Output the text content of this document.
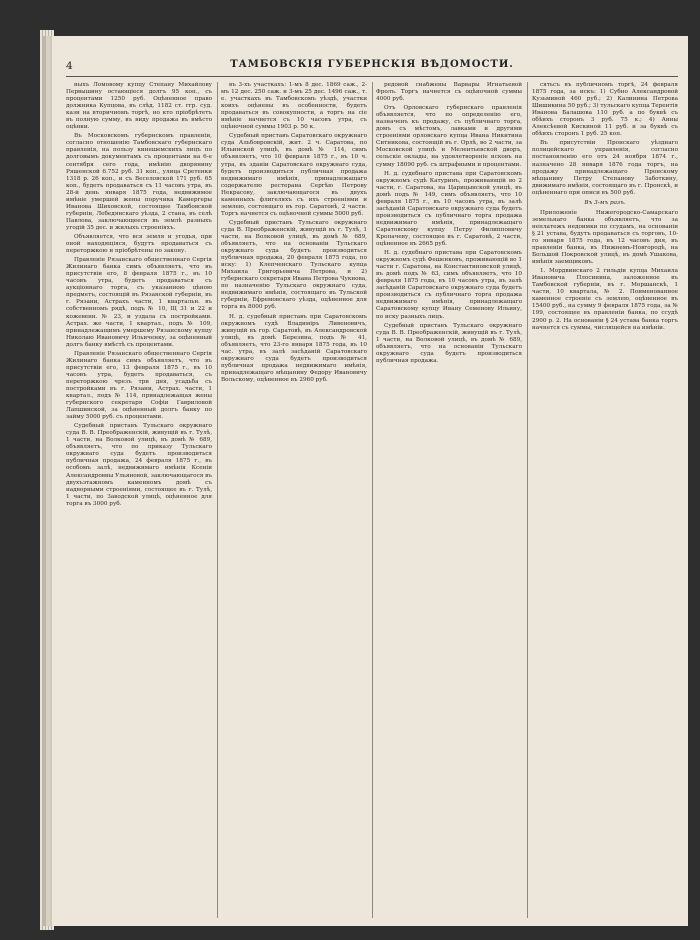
4	ТАМБОВСКІЯ ГУБЕРНСКІЯ ВѢДОМОСТИ.

ныхъ Ломовому купцу Степану Михайлову Первышину остающіеся долгъ 95 коп., съ процентами 1250 руб. Оцѣненное право должника Купцова, въ слѣд. 1182 ст. ггр. суд. казн на вторичномъ торгѣ, но кто пріобрѣтетъ въ полную сумму, въ виду продажа въ вмѣсто оцѣнки.

Въ Московскомъ губернскомъ правленіи, согласно отношенію Тамбовскаго губернскаго правленія, на пользу кинешемскихъ лицъ по долговымъ документамъ съ процентами на 6-е сентября сего года, имѣнію дворянину Ряшенской 6.752 руб. 31 коп., улица Сретенки 1318 р. 26 коп., и съ Веселовской 171 руб. 65 коп., будетъ продаваться съ 11 часовъ утра, въ 28-й день января 1875 года, недвижимое имѣніе умершей жены поручика Камергеры Иванова Шиховской, состоящее Тамбовской губерніи, Лебедянскаго уѣзда, 2 стана, въ селѣ Павлова, заключающееся въ землѣ разныхъ угодій 35 дес. и жилыхъ строеніяхъ.

Объявляется, что вся земля и угодья, при оной находящіяся, будутъ продаваться съ переторжкою и пріобрѣтены по закону.

Правленіе Рязанскаго общественнаго Сергія Жилинаго банка симъ объявляетъ, что въ присутствіи его, 8 февраля 1875 г., въ 10 часовъ утра, будетъ продаваться съ аукціоннаго торга, съ указанною цѣною предметъ, состоящій въ Рязанской губерніи, въ г. Рязани, Астрахъ части, 1 квартальн. въ собственномъ рядѣ, подъ № 10, Щ 31 и 22 и кожевенн. № 23, и уздала съ постройками. Астрах. же части, 1 квартал., подъ № 109, принадлежащимъ умершему Рязанскому купцу Николаю Ивановичу Ильиченку, за оцѣненный долгъ банку вмѣстѣ съ процентами.

Правленіе Рязанскаго общественнаго Сергія Жилинаго банка симъ объявляетъ, что въ присутствіи его, 13 февраля 1875 г., въ 10 часовъ утра, будетъ продаваться, съ переторжкою чрезъ три дня, усадьба съ постройками въ г. Рязани, Астрах. части, 1 квартал., подъ № 114, принадлежащая жены губернского секретаря Софіи Гавриловой Лапшинской, за оцѣненный долгъ банку по займу 5000 руб. съ процентами.

Судебный приставъ Тульскаго окружнаго суда В. В. Преображенскій, живущій въ г. Тулѣ, 1 части, на Волковой улицѣ, въ домѣ № 689, объявляетъ, что по приказу Тульскаго окружнаго суда будетъ производиться публичная продажа, 24 февраля 1875 г., въ особомъ залѣ, недвижимаго имѣнія Ксеніи Александровны Ульяновой, заключающагося въ двухъэтажномъ каменномъ домѣ съ надворными строеніями, состоящее въ г. Тулѣ, 1 части, по Заводской улицѣ, оцѣненное для торга въ 3000 руб.

въ 3-хъ участкахъ: 1-мъ 8 дес. 1869 саж., 2-мъ 12 дес. 250 саж. и 3-мъ 25 дес. 1496 саж., т. е. участкахъ въ Тамбовскомъ уѣздѣ, участки коихъ оцѣнены въ особенности, будетъ продаваться въ совокупности, а торгъ на сіе имѣніе начнется съ 10 часовъ утра, съ оцѣночной суммы 1903 р. 50 к.

Судебный приставъ Саратовскаго окружнаго суда Альбовровскій, жит. 2 ч. Саратова, по Ильинской улицѣ, въ домѣ № 114, симъ объявляетъ, что 10 февраля 1875 г., въ 10 ч. утра, въ зданіи Саратовскаго окружнаго суда, будетъ производиться публичная продажа недвижимаго имѣнія, принадлежащаго содержателю рестерана Сергѣю Петрову Некрасову, заключающагося въ двухъ каменныхъ флигеляхъ съ ихъ строеніями и землею, состоящаго въ гор. Саратовѣ, 2 части. Торгъ начнется съ оцѣночной суммы 5000 руб.

Судебный приставъ Тульскаго окружнаго суда В. Преображенскій, живущій въ г. Тулѣ, 1 части, на Волковой улицѣ, въ домѣ № 689, объявляетъ, что на основаніи Тульскаго окружнаго суда будетъ производиться публичная продажа, 20 февраля 1875 года, по иску: 1) Клепченскаго Тульскаго купца Михаила Григорьевича Петрова, и 2) губернскаго секретаря Ивана Петрова Чукнова, по назначенію Тульскаго окружнаго суда, недвижимаго имѣнія, состоящаго въ Тульской губерніи, Ефремовскаго уѣзда, оцѣненное для торга въ 8000 руб.

Н. д. судебный приставъ при Саратовскомъ окружномъ судѣ Владиміръ Ливеновичъ, живущій въ гор. Саратовѣ, въ Александровской улицѣ, въ домѣ Березина, подъ № 41, объявляетъ, что 23-го января 1875 года, въ 10 час. утра, въ залѣ засѣданій Саратовскаго окружнаго суда будетъ производиться публичная продажа недвижимаго имѣнія, принадлежащаго мѣщанину Федору Ивановичу Вольскому, оцѣненное въ 2960 руб.

редовой снабжены Варвары Игнатьевой Фролъ. Торгъ начнется съ оцѣночной суммы 4000 руб.

Отъ Орловскаго губернскаго правленія объявляется, что по определенію его, назначенъ къ продажу, съ публичнаго торга, домъ съ мѣстомъ, лавками и другими строеніями орловскаго купца Ивана Никитина Ситникова, состоящій въ г. Орлѣ, во 2 части, за Московской улицѣ и Мелентьевской дворъ, сельскіе оклады, на удовлетвореніе исковъ на сумму 18090 руб. съ штрафными и процентами.

Н. д. судебнаго пристава при Саратовскомъ окружномъ судѣ Катуринъ, проживающій во 2 части, г. Саратова, на Царицынской улицѣ, въ домѣ подъ № 149, симъ объявляетъ, что 10 февраля 1875 г., въ 10 часовъ утра, въ залѣ засѣданій Саратовскаго окружнаго суда будетъ производиться съ публичнаго торга продажа недвижимаго имѣнія, принадлежащаго Саратовскому купцу Петру Филипповичу Кропачеву, состоящее въ г. Саратовѣ, 2 части, оцѣненное въ 2665 руб.

Н. д. судебнаго пристава при Саратовскомъ окружномъ судѣ Фешенковъ, проживающій во 1 части г. Саратова, на Константиновской улицѣ, въ домѣ подъ № 63, симъ объявляетъ, что 10 февраля 1875 года, въ 10 часовъ утра, въ залѣ засѣданій Саратовскаго окружнаго суда будетъ производиться съ публичнаго торга продажа недвижимаго имѣнія, принадлежащаго Саратовскому купцу Ивану Семенову Ильину, по иску разныхъ лицъ.

Судебный приставъ Тульскаго окружнаго суда В. В. Преображенскій, живущій въ г. Тулѣ, 1 части, на Волковой улицѣ, въ домѣ № 689, объявляетъ, что на основаніи Тульскаго окружнаго суда будетъ производиться публичная продажа.

сятьсъ въ публичномъ торгѣ, 24 февраля 1875 года, за искъ: 1) Субно Александровой Кузьминой 460 руб.; 2) Калинина Петрова Шишикина 50 руб.; 3) тульскаго купца Терентія Иванова Балашова 110 руб. а по буквѣ съ обѣихъ сторонъ 3 руб. 75 к.; 4) Анны Алексѣевой Кискиной 11 руб. и за буквѣ съ обѣихъ сторонъ 1 руб. 25 коп.

Въ присутствіи Пронскаго уѣзднаго полицейскаго управленія, согласно постановленію его отъ 24 ноября 1874 г., назначено 28 января 1876 года торгъ, на продажу принадлежащаго Пронскому мѣщанину Петру Степанову Заботкину, движимаго имѣнія, состоящаго въ г. Пронскѣ, и оцѣненнаго при описи въ 500 руб.

Въ 3-мъ разъ.

Приложеніе Нижегородско-Самарскаго земельнаго банка объявляетъ, что за неплатежъ недоимки по ссудамъ, на основаніи § 21 устава, будутъ продаваться съ торговъ, 10-го января 1875 года, въ 12 часовъ дня, въ правленіи банка, въ Нижнемъ-Новгородѣ, на Большой Покровской улицѣ, въ домѣ Ушакова, имѣнія заемщиковъ.

1. Мордвинскаго 2 гильдіи купца Михаила Ивановича Плосинина, заложенное въ Тамбовской губерніи, въ г. Моршанскѣ, 1 части, 10 квартала, № 2. Поименованное каменное строеніе съ землею, оцѣненное въ 15400 руб., на сумму 9 февраля 1875 года, за № 199, состоящее въ правленіи банка, по ссудѣ 2900 р. 2. На основаніи § 24 устава банка торгъ начнется съ суммы, числящейся на имѣніи.
